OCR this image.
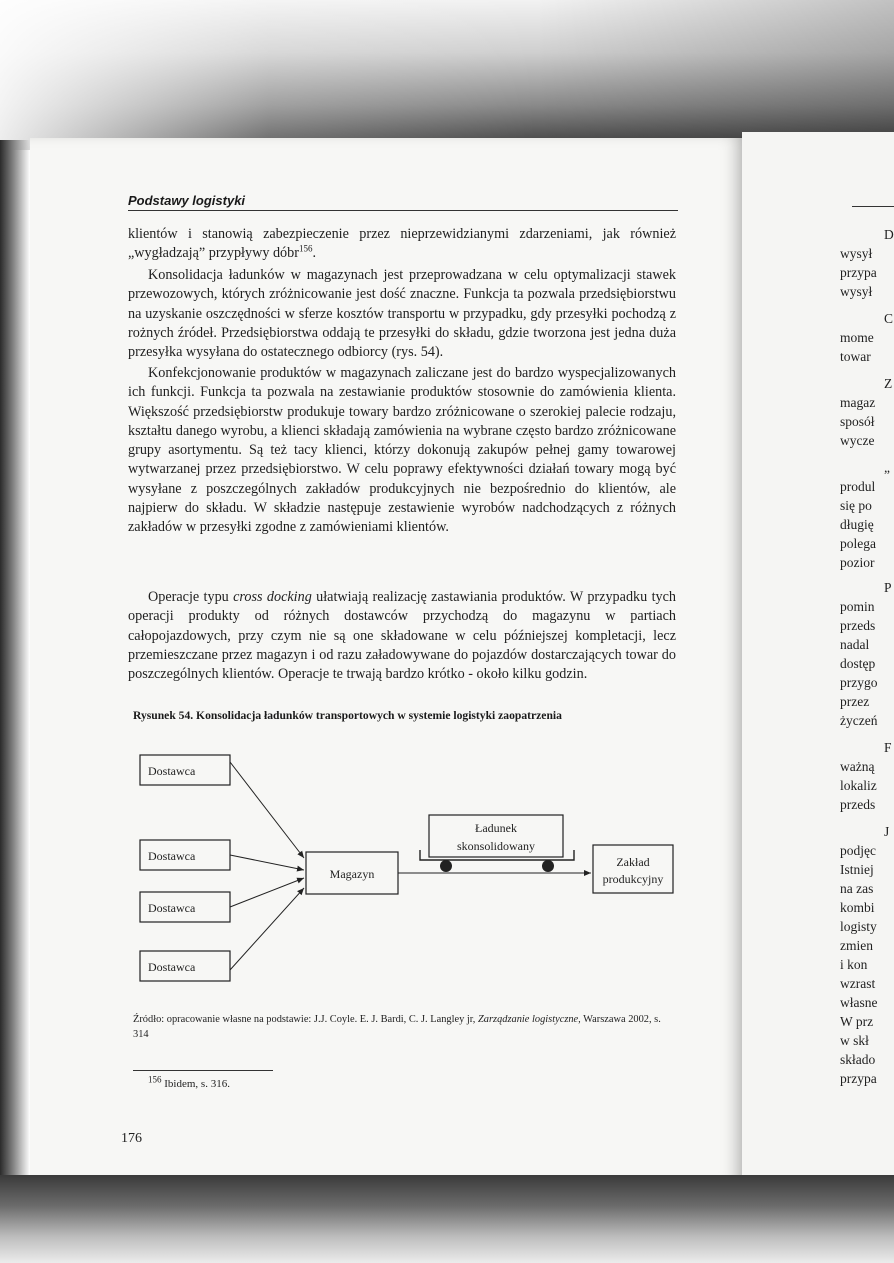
Podstawy logistyki
klientów i stanowią zabezpieczenie przez nieprzewidzianymi zdarzeniami, jak również „wygładzają” przypływy dóbr$^{156}$.
Konsolidacja ładunków w magazynach jest przeprowadzana w celu optymalizacji stawek przewozowych, których zróżnicowanie jest dość znaczne. Funkcja ta pozwala przedsiębiorstwu na uzyskanie oszczędności w sferze kosztów transportu w przypadku, gdy przesyłki pochodzą z rożnych źródeł. Przedsiębiorstwa oddają te przesyłki do składu, gdzie tworzona jest jedna duża przesyłka wysyłana do ostatecznego odbiorcy (rys. 54).
Konfekcjonowanie produktów w magazynach zaliczane jest do bardzo wyspecjalizowanych ich funkcji. Funkcja ta pozwala na zestawianie produktów stosownie do zamówienia klienta. Większość przedsiębiorstw produkuje towary bardzo zróżnicowane o szerokiej palecie rodzaju, kształtu danego wyrobu, a klienci składają zamówienia na wybrane często bardzo zróżnicowane grupy asortymentu. Są też tacy klienci, którzy dokonują zakupów pełnej gamy towarowej wytwarzanej przez przedsiębiorstwo. W celu poprawy efektywności działań towary mogą być wysyłane z poszczególnych zakładów produkcyjnych nie bezpośrednio do klientów, ale najpierw do składu. W składzie następuje zestawienie wyrobów nadchodzących z różnych zakładów w przesyłki zgodne z zamówieniami klientów.
Operacje typu cross docking ułatwiają realizację zastawiania produktów. W przypadku tych operacji produkty od różnych dostawców przychodzą do magazynu w partiach całopojazdowych, przy czym nie są one składowane w celu późniejszej kompletacji, lecz przemieszczane przez magazyn i od razu załadowywane do pojazdów dostarczających towar do poszczególnych klientów. Operacje te trwają bardzo krótko - około kilku godzin.
Rysunek 54. Konsolidacja ładunków transportowych w systemie logistyki zaopatrzenia
Dostawca
Dostawca
Dostawca
Dostawca
Magazyn
Ładunek
skonsolidowany
Zakład
produkcyjny
Źródło: opracowanie własne na podstawie: J.J. Coyle. E. J. Bardi, C. J. Langley jr, Zarządzanie logistyczne, Warszawa 2002, s. 314
$^{156}$ Ibidem, s. 316.
176
D
wysył
przypa
wysył
C
mome
towar
Z
magaz
sposół
wycze
„
produl
się po
długię
polega
pozior
P
pomin
przeds
nadal
dostęp
przygo
przez
życzeń
F
ważną
lokaliz
przeds
J
podjęc
Istniej
na zas
kombi
logisty
zmien
i kon
wzrast
własne
W prz
w skł
składo
przypa
